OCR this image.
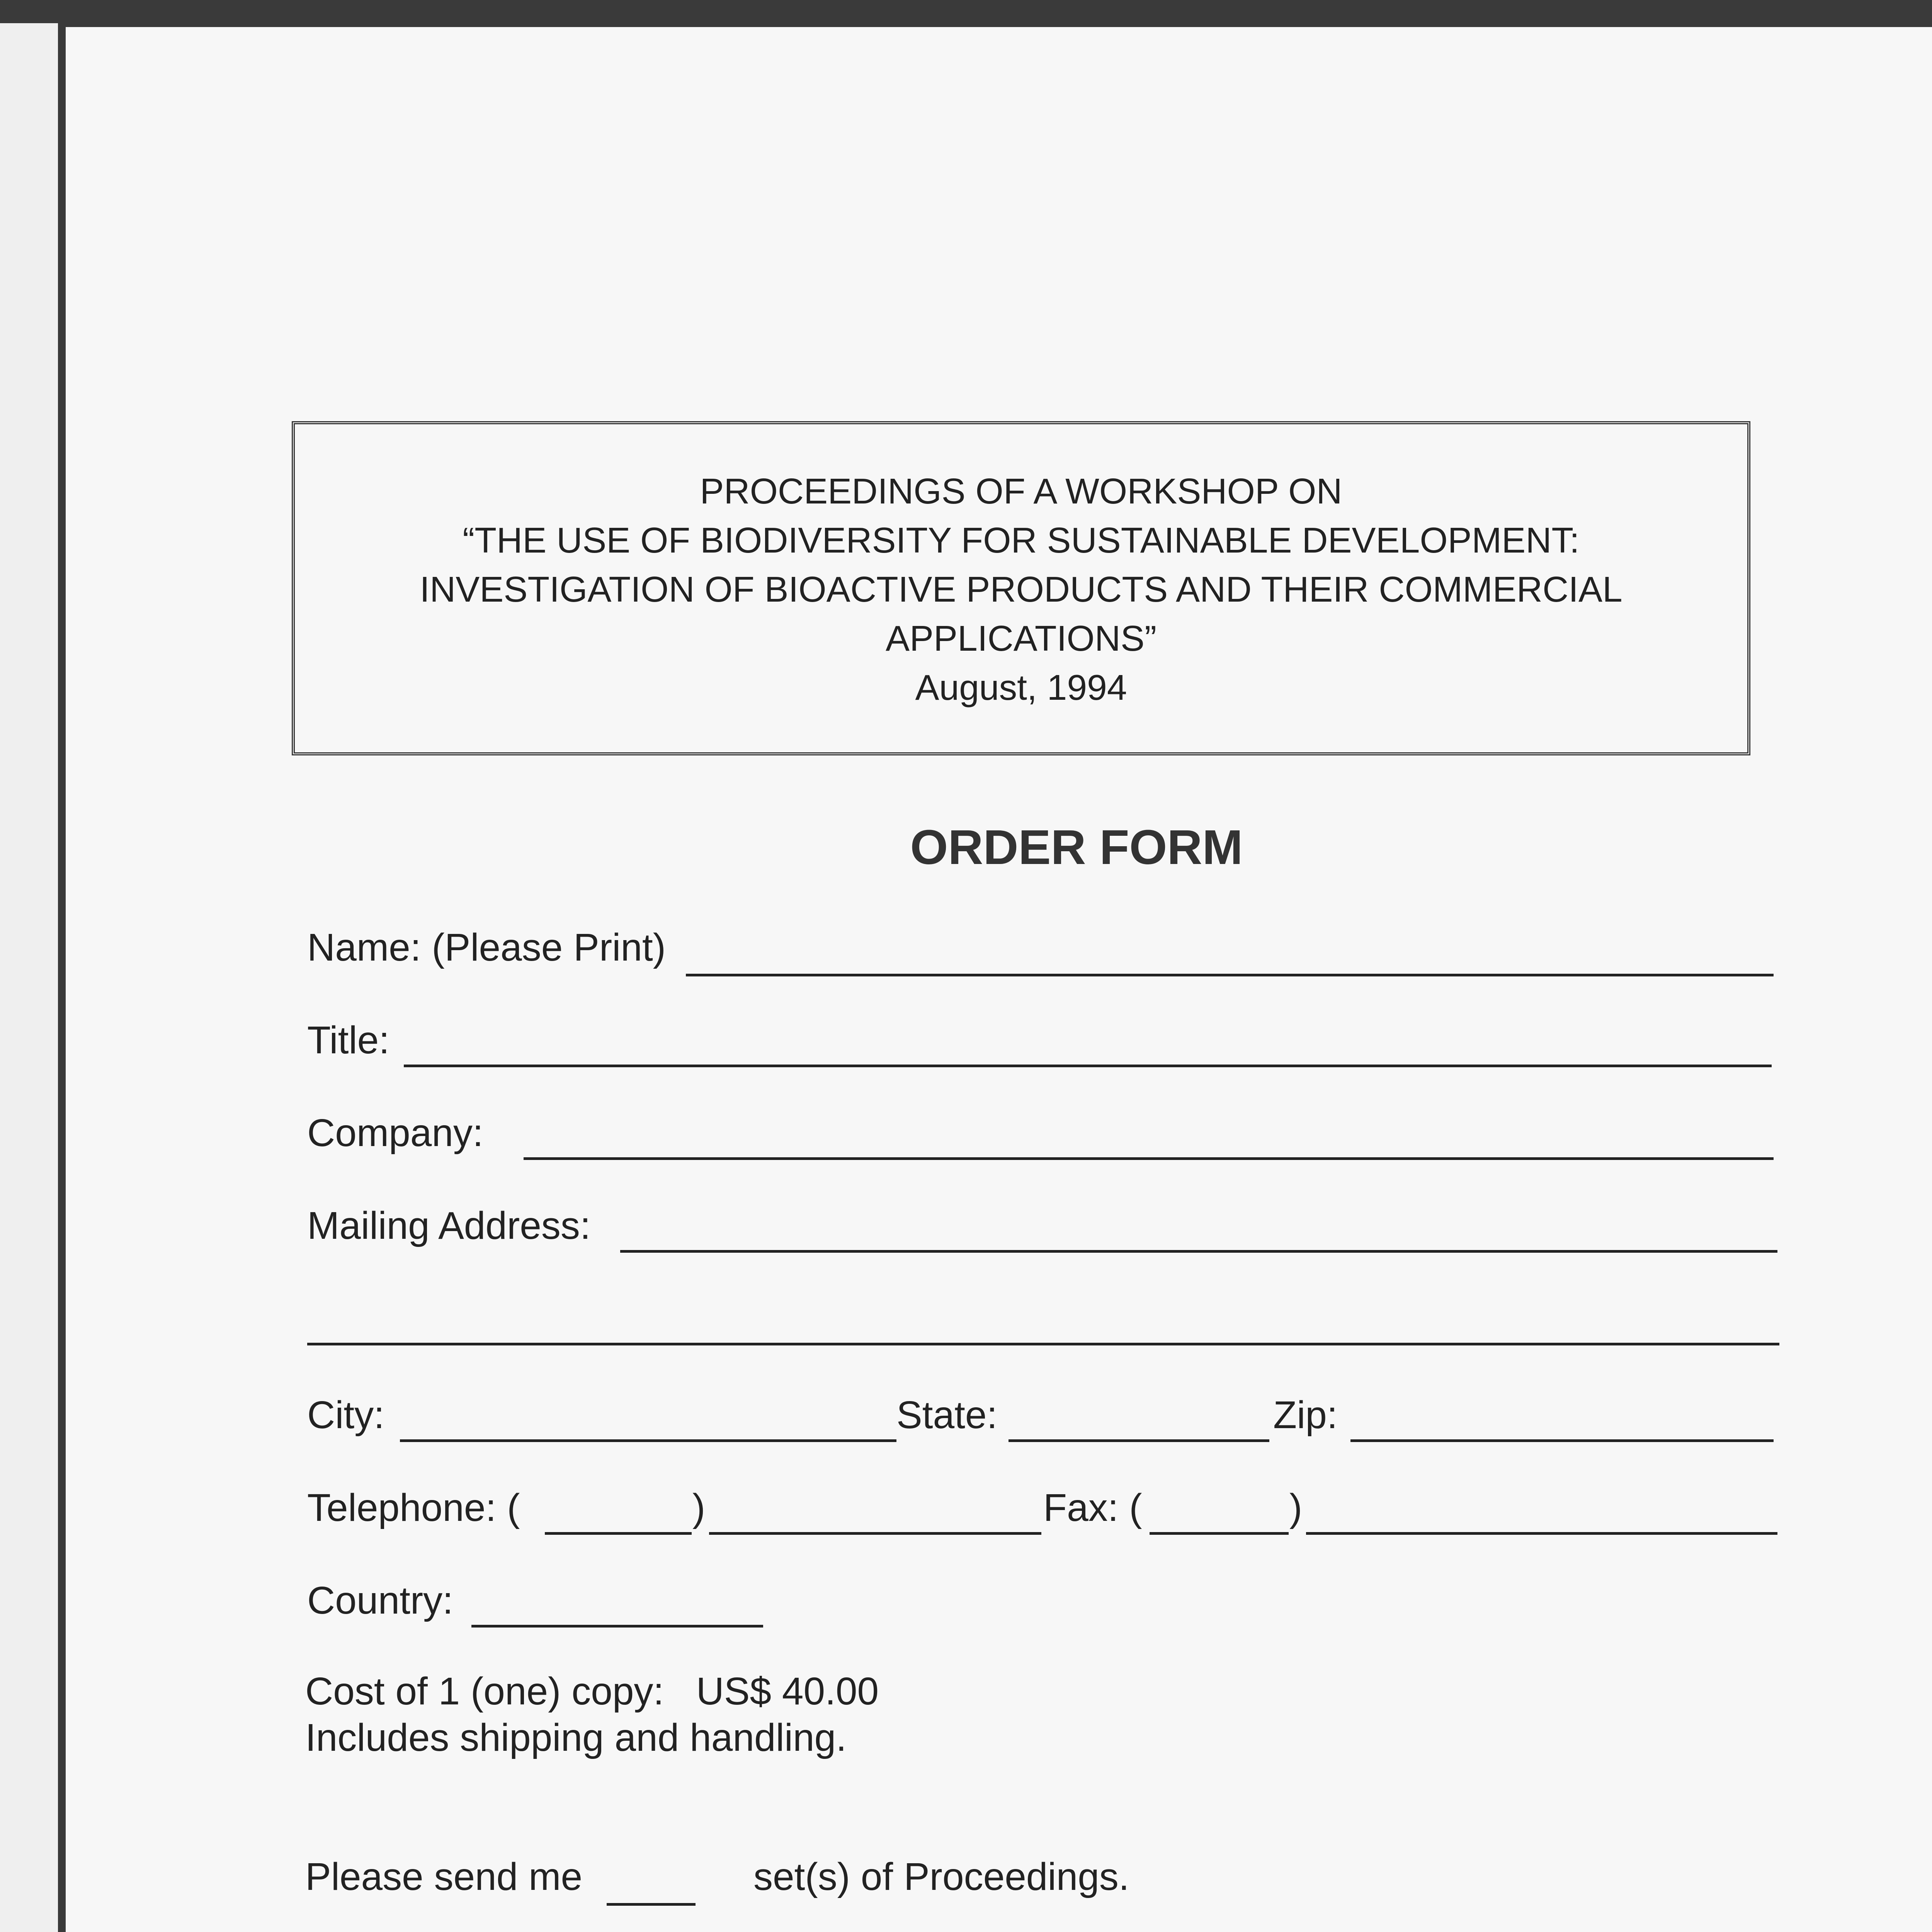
PROCEEDINGS OF A WORKSHOP ON
“THE USE OF BIODIVERSITY FOR SUSTAINABLE DEVELOPMENT:
INVESTIGATION OF BIOACTIVE PRODUCTS AND THEIR COMMERCIAL
APPLICATIONS”
August, 1994
ORDER FORM
Name: (Please Print)
Title:
Company:
Mailing Address:
City:	State:	Zip:
Telephone: (	)	Fax: (	)
Country:
Cost of 1 (one) copy:   US$ 40.00
Includes shipping and handling.
Please send me	set(s) of Proceedings.
